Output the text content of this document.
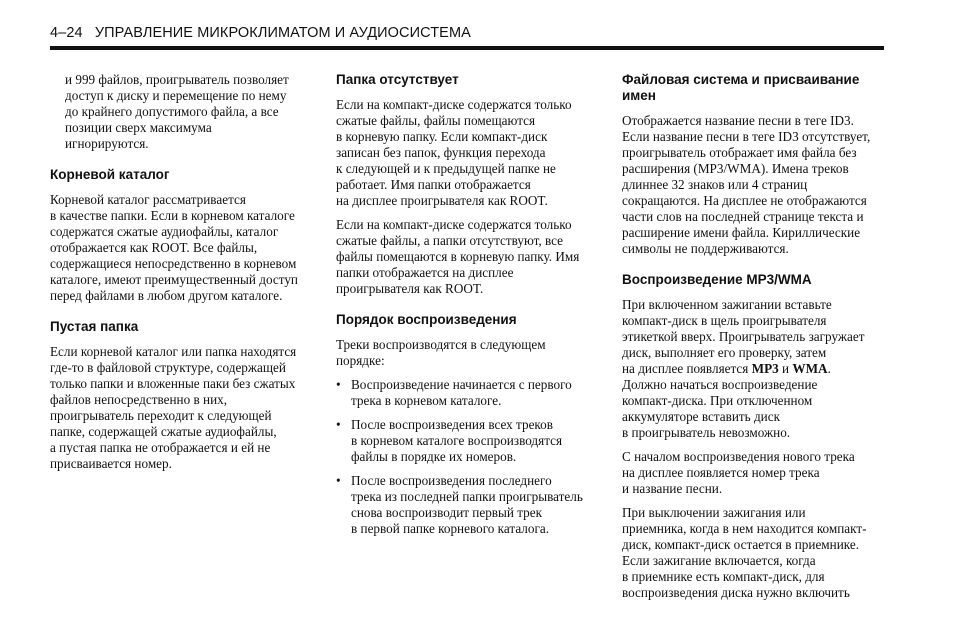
4–24 УПРАВЛЕНИЕ МИКРОКЛИМАТОМ И АУДИОСИСТЕМА
и 999 файлов, проигрыватель позволяет
доступ к диску и перемещение по нему
до крайнего допустимого файла, а все
позиции сверх максимума
игнорируются.
Корневой каталог

Корневой каталог рассматривается
в качестве папки. Если в корневом каталоге
содержатся сжатые аудиофайлы, каталог
отображается как ROOT. Все файлы,
содержащиеся непосредственно в корневом
каталоге, имеют преимущественный доступ
перед файлами в любом другом каталоге.

Пустая папка

Если корневой каталог или папка находятся
где-то в файловой структуре, содержащей
только папки и вложенные паки без сжатых
файлов непосредственно в них,
проигрыватель переходит к следующей
папке, содержащей сжатые аудиофайлы,
а пустая папка не отображается и ей не
присваивается номер.

Папка отсутствует

Если на компакт-диске содержатся только
сжатые файлы, файлы помещаются
в корневую папку. Если компакт-диск
записан без папок, функция перехода
к следующей и к предыдущей папке не
работает. Имя папки отображается
на дисплее проигрывателя как ROOT.

Если на компакт-диске содержатся только
сжатые файлы, а папки отсутствуют, все
файлы помещаются в корневую папку. Имя
папки отображается на дисплее
проигрывателя как ROOT.

Порядок воспроизведения

Треки воспроизводятся в следующем
порядке:

• Воспроизведение начинается с первого
трека в корневом каталоге.
• После воспроизведения всех треков
в корневом каталоге воспроизводятся
файлы в порядке их номеров.
• После воспроизведения последнего
трека из последней папки проигрыватель
снова воспроизводит первый трек
в первой папке корневого каталога.
Файловая система и присваивание
имен

Отображается название песни в теге ID3.
Если название песни в теге ID3 отсутствует,
проигрыватель отображает имя файла без
расширения (MP3/WMA). Имена треков
длиннее 32 знаков или 4 страниц
сокращаются. На дисплее не отображаются
части слов на последней странице текста и
расширение имени файла. Кириллические
символы не поддерживаются.

Воспроизведение MP3/WMA

При включенном зажигании вставьте
компакт-диск в щель проигрывателя
этикеткой вверх. Проигрыватель загружает
диск, выполняет его проверку, затем
на дисплее появляется MP3 и WMA.
Должно начаться воспроизведение
компакт-диска. При отключенном
аккумуляторе вставить диск
в проигрыватель невозможно.

С началом воспроизведения нового трека
на дисплее появляется номер трека
и название песни.

При выключении зажигания или
приемника, когда в нем находится компакт-
диск, компакт-диск остается в приемнике.
Если зажигание включается, когда
в приемнике есть компакт-диск, для
воспроизведения диска нужно включить
